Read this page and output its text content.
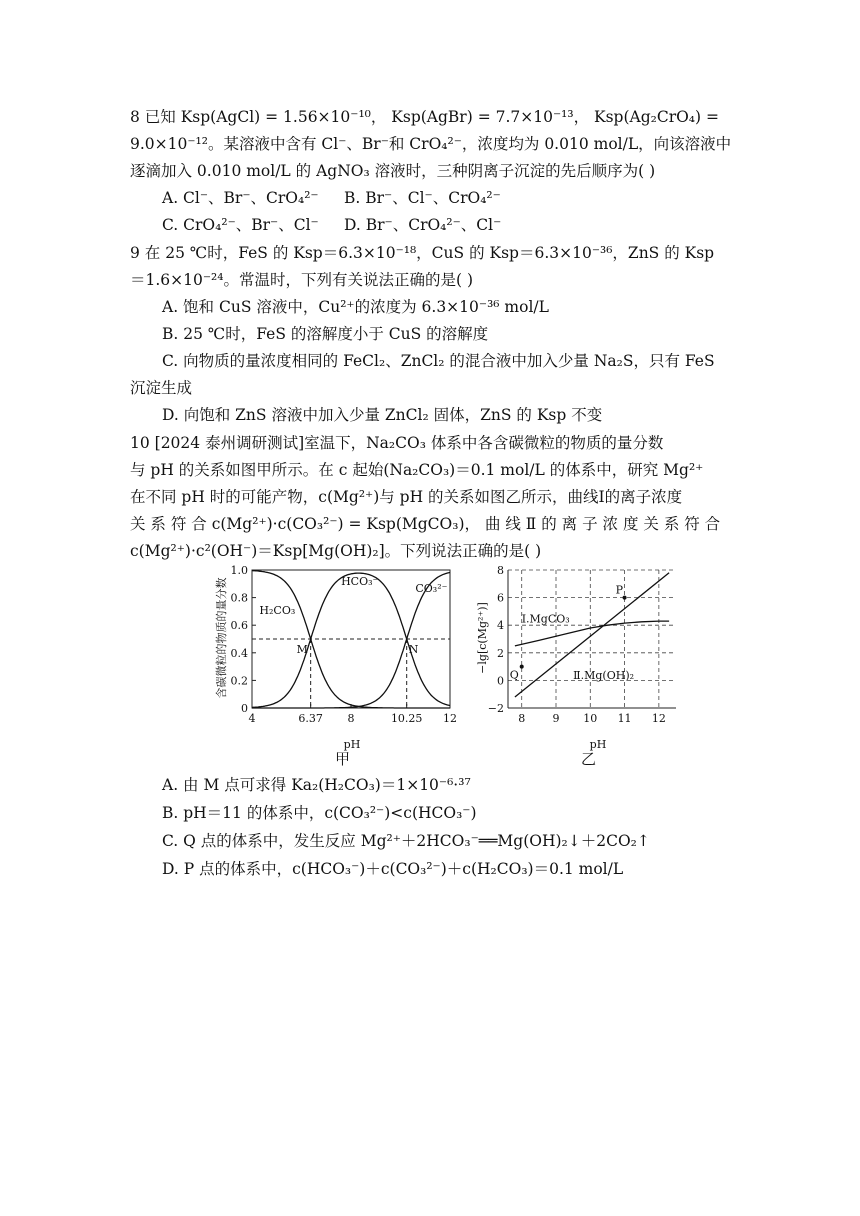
8 已知 Ksp(AgCl) = 1.56×10⁻¹⁰， Ksp(AgBr) = 7.7×10⁻¹³， Ksp(Ag₂CrO₄) =
9.0×10⁻¹²。某溶液中含有 Cl⁻、Br⁻和 CrO₄²⁻，浓度均为 0.010 mol/L，向该溶液中
逐滴加入 0.010 mol/L 的 AgNO₃ 溶液时，三种阴离子沉淀的先后顺序为( )
A. Cl⁻、Br⁻、CrO₄²⁻	B. Br⁻、Cl⁻、CrO₄²⁻
C. CrO₄²⁻、Br⁻、Cl⁻	D. Br⁻、CrO₄²⁻、Cl⁻
9 在 25 ℃时，FeS 的 Ksp＝6.3×10⁻¹⁸，CuS 的 Ksp＝6.3×10⁻³⁶，ZnS 的 Ksp
＝1.6×10⁻²⁴。常温时，下列有关说法正确的是( )
A. 饱和 CuS 溶液中，Cu²⁺的浓度为 6.3×10⁻³⁶ mol/L
B. 25 ℃时，FeS 的溶解度小于 CuS 的溶解度
C. 向物质的量浓度相同的 FeCl₂、ZnCl₂ 的混合液中加入少量 Na₂S，只有 FeS
沉淀生成
D. 向饱和 ZnS 溶液中加入少量 ZnCl₂ 固体，ZnS 的 Ksp 不变
10 [2024 泰州调研测试]室温下，Na₂CO₃ 体系中各含碳微粒的物质的量分数
与 pH 的关系如图甲所示。在 c 起始(Na₂CO₃)＝0.1 mol/L 的体系中，研究 Mg²⁺
在不同 pH 时的可能产物，c(Mg²⁺)与 pH 的关系如图乙所示，曲线Ⅰ的离子浓度
关 系 符 合 c(Mg²⁺)·c(CO₃²⁻) = Ksp(MgCO₃)， 曲 线 Ⅱ 的 离 子 浓 度 关 系 符 合
c(Mg²⁺)·c²(OH⁻)＝Ksp[Mg(OH)₂]。下列说法正确的是( )
含碳微粒的物质的量分数
0
0.2
0.4
0.6
0.8
1.0
4	6.37 8	10.25 12
H₂CO₃
HCO₃⁻
CO₃²⁻
M	N
pH
甲
−lg[c(Mg²⁺)]
−2
0
2
4
6
8
8 9 10 11 12
Ⅰ.MgCO₃
Ⅱ.Mg(OH)₂
P
Q
pH
乙
A. 由 M 点可求得 Ka₂(H₂CO₃)＝1×10⁻⁶·³⁷
B. pH＝11 的体系中，c(CO₃²⁻)<c(HCO₃⁻)
C. Q 点的体系中，发生反应 Mg²⁺＋2HCO₃⁻══Mg(OH)₂↓＋2CO₂↑
D. P 点的体系中，c(HCO₃⁻)＋c(CO₃²⁻)＋c(H₂CO₃)＝0.1 mol/L
